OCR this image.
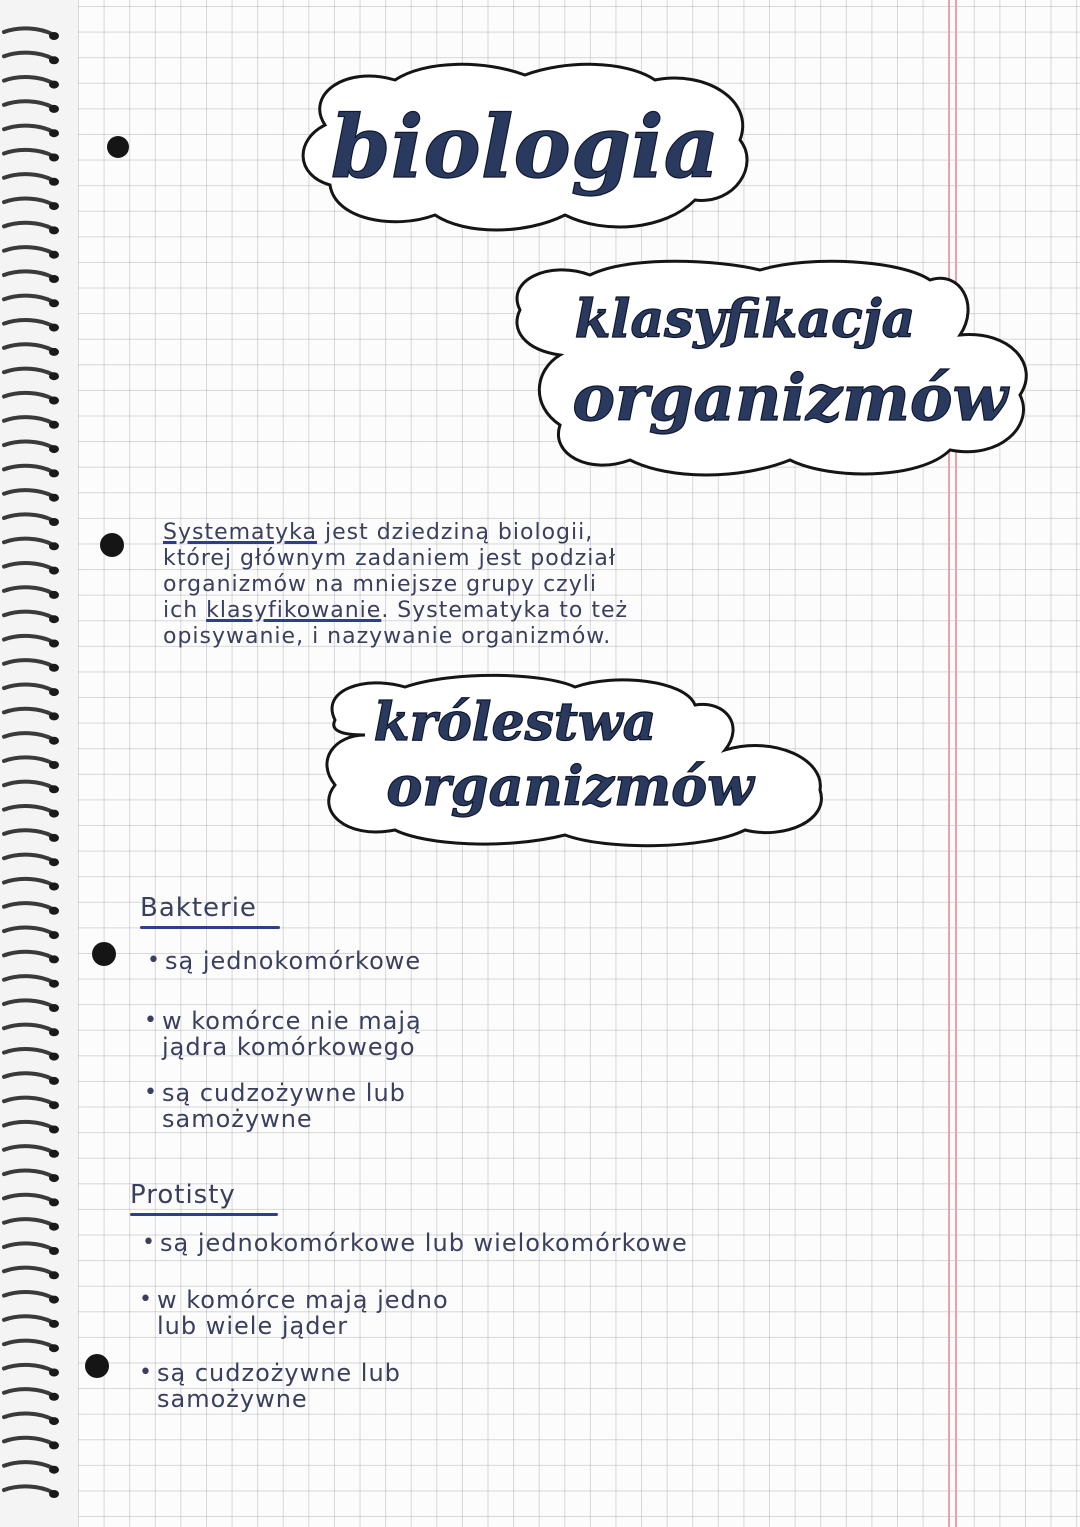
biologia
klasyfikacja
organizmów
Systematyka jest dziedziną biologii,
której głównym zadaniem jest podział
organizmów na mniejsze grupy czyli
ich klasyfikowanie. Systematyka to też
opisywanie, i nazywanie organizmów.
królestwa
organizmów
Bakterie
• są jednokomórkowe
• w komórce nie mają
jądra komórkowego
• są cudzożywne lub
samożywne
Protisty
• są jednokomórkowe lub wielokomórkowe
• w komórce mają jedno
lub wiele jąder
• są cudzożywne lub
samożywne
